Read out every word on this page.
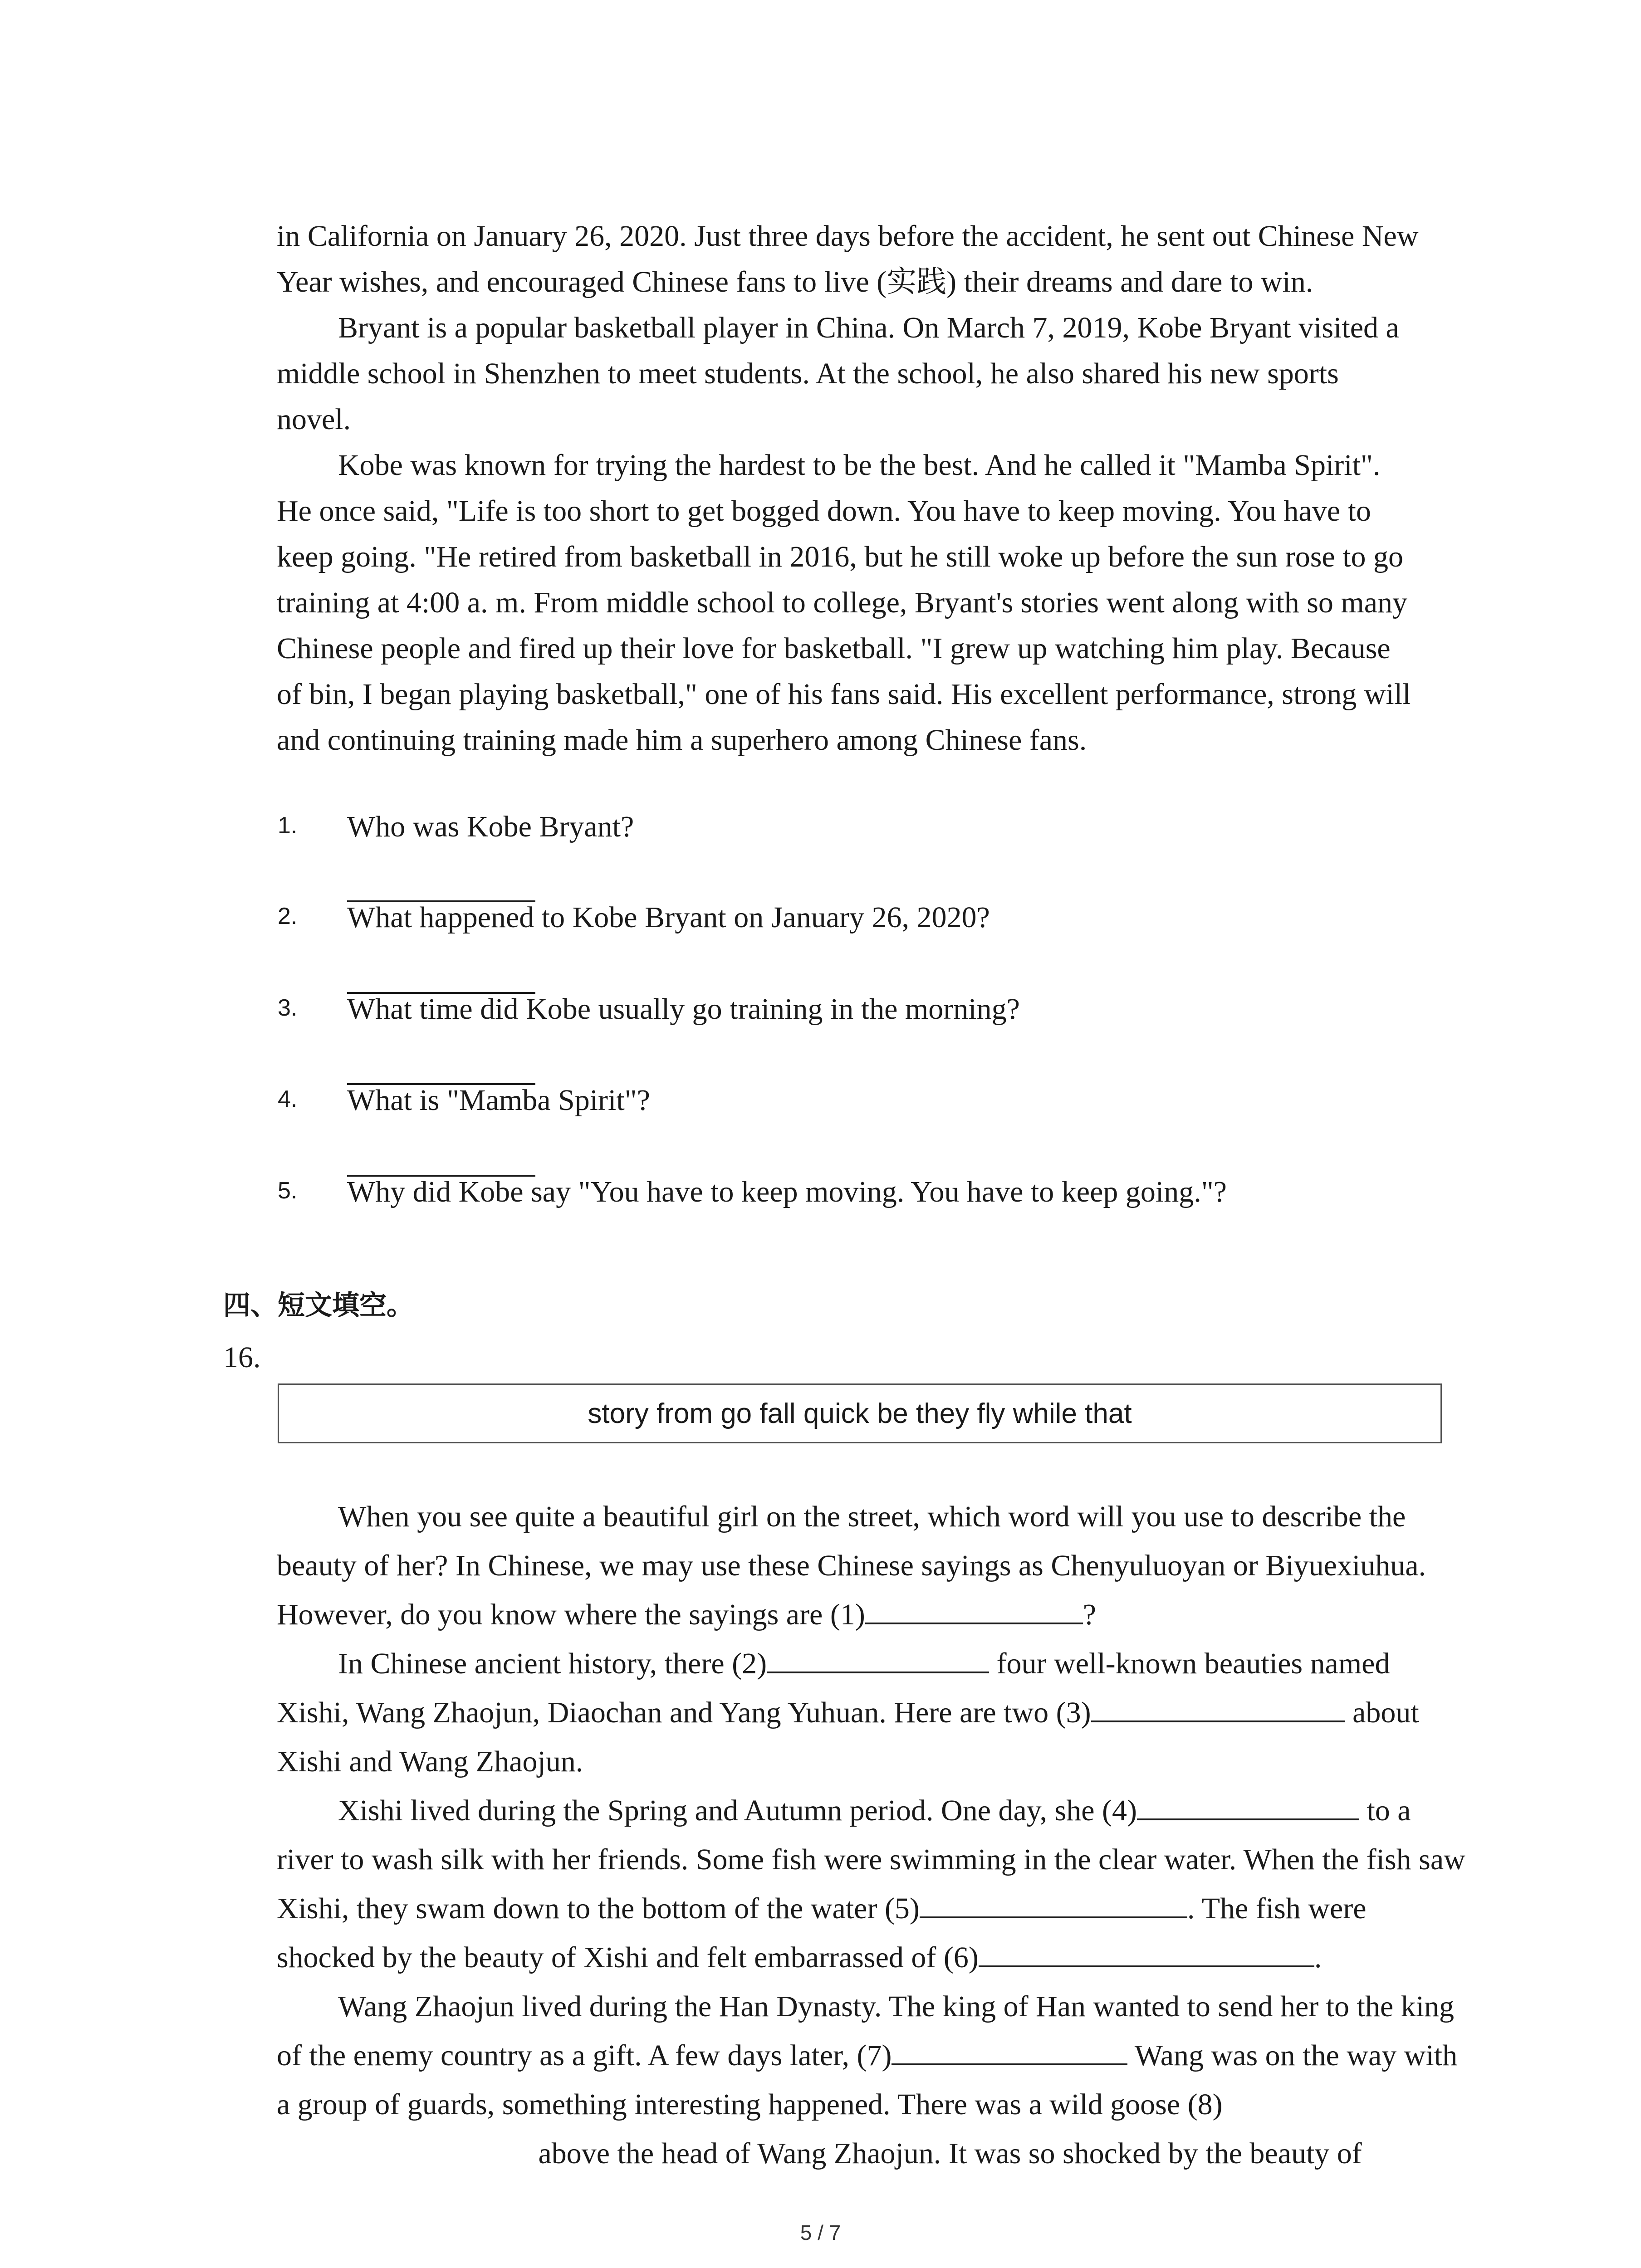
in California on January 26, 2020. Just three days before the accident, he sent out Chinese New
Year wishes, and encouraged Chinese fans to live (实践) their dreams and dare to win.

Bryant is a popular basketball player in China. On March 7, 2019, Kobe Bryant visited a
middle school in Shenzhen to meet students. At the school, he also shared his new sports
novel.

Kobe was known for trying the hardest to be the best. And he called it "Mamba Spirit".
He once said, "Life is too short to get bogged down. You have to keep moving. You have to
keep going. "He retired from basketball in 2016, but he still woke up before the sun rose to go
training at 4:00 a. m. From middle school to college, Bryant's stories went along with so many
Chinese people and fired up their love for basketball. "I grew up watching him play. Because
of bin, I began playing basketball," one of his fans said. His excellent performance, strong will
and continuing training made him a superhero among Chinese fans.

1. Who was Kobe Bryant?
2. What happened to Kobe Bryant on January 26, 2020?
3. What time did Kobe usually go training in the morning?
4. What is "Mamba Spirit"?
5. Why did Kobe say "You have to keep moving. You have to keep going."?
四、短文填空。
16.
story from go fall quick be they fly while that

When you see quite a beautiful girl on the street, which word will you use to describe the beauty of her? In Chinese, we may use these Chinese sayings as Chenyuluoyan or Biyuexiuhua. However, do you know where the sayings are (1)	?

In Chinese ancient history, there (2)	four well-known beauties named Xishi, Wang Zhaojun, Diaochan and Yang Yuhuan. Here are two (3)	about Xishi and Wang Zhaojun.

Xishi lived during the Spring and Autumn period. One day, she (4)	to a river to wash silk with her friends. Some fish were swimming in the clear water. When the fish saw Xishi, they swam down to the bottom of the water (5)	. The fish were shocked by the beauty of Xishi and felt embarrassed of (6)	.

Wang Zhaojun lived during the Han Dynasty. The king of Han wanted to send her to the king of the enemy country as a gift. A few days later, (7)	Wang was on the way with a group of guards, something interesting happened. There was a wild goose (8) above the head of Wang Zhaojun. It was so shocked by the beauty of

5 / 7
